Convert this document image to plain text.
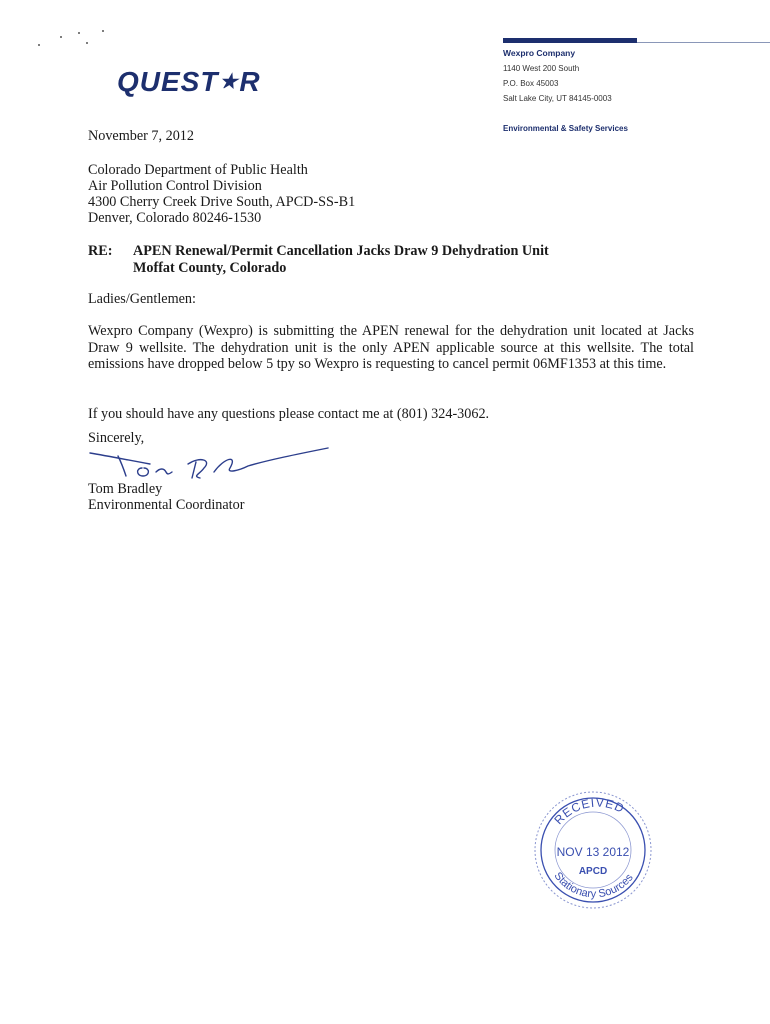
QUEST★R
Wexpro Company
1140 West 200 South
P.O. Box 45003
Salt Lake City, UT 84145-0003
Environmental & Safety Services
November 7, 2012
Colorado Department of Public Health
Air Pollution Control Division
4300 Cherry Creek Drive South, APCD-SS-B1
Denver, Colorado 80246-1530
RE: APEN Renewal/Permit Cancellation Jacks Draw 9 Dehydration Unit
Moffat County, Colorado
Ladies/Gentlemen:
Wexpro Company (Wexpro) is submitting the APEN renewal for the dehydration unit located at Jacks Draw 9 wellsite. The dehydration unit is the only APEN applicable source at this wellsite. The total emissions have dropped below 5 tpy so Wexpro is requesting to cancel permit 06MF1353 at this time.
If you should have any questions please contact me at (801) 324-3062.
Sincerely,
Tom Bradley
Environmental Coordinator
RECEIVED
NOV 13 2012
APCD
Stationary Sources
